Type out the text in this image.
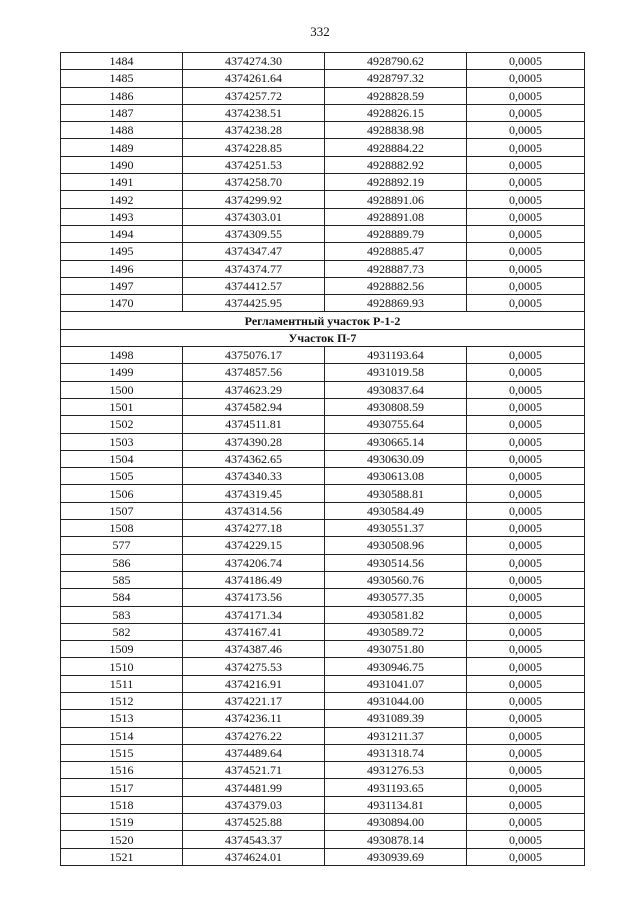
332
1484	4374274.30	4928790.62	0,0005
1485	4374261.64	4928797.32	0,0005
1486	4374257.72	4928828.59	0,0005
1487	4374238.51	4928826.15	0,0005
1488	4374238.28	4928838.98	0,0005
1489	4374228.85	4928884.22	0,0005
1490	4374251.53	4928882.92	0,0005
1491	4374258.70	4928892.19	0,0005
1492	4374299.92	4928891.06	0,0005
1493	4374303.01	4928891.08	0,0005
1494	4374309.55	4928889.79	0,0005
1495	4374347.47	4928885.47	0,0005
1496	4374374.77	4928887.73	0,0005
1497	4374412.57	4928882.56	0,0005
1470	4374425.95	4928869.93	0,0005
Регламентный участок Р-1-2			
Участок П-7			
1498	4375076.17	4931193.64	0,0005
1499	4374857.56	4931019.58	0,0005
1500	4374623.29	4930837.64	0,0005
1501	4374582.94	4930808.59	0,0005
1502	4374511.81	4930755.64	0,0005
1503	4374390.28	4930665.14	0,0005
1504	4374362.65	4930630.09	0,0005
1505	4374340.33	4930613.08	0,0005
1506	4374319.45	4930588.81	0,0005
1507	4374314.56	4930584.49	0,0005
1508	4374277.18	4930551.37	0,0005
577	4374229.15	4930508.96	0,0005
586	4374206.74	4930514.56	0,0005
585	4374186.49	4930560.76	0,0005
584	4374173.56	4930577.35	0,0005
583	4374171.34	4930581.82	0,0005
582	4374167.41	4930589.72	0,0005
1509	4374387.46	4930751.80	0,0005
1510	4374275.53	4930946.75	0,0005
1511	4374216.91	4931041.07	0,0005
1512	4374221.17	4931044.00	0,0005
1513	4374236.11	4931089.39	0,0005
1514	4374276.22	4931211.37	0,0005
1515	4374489.64	4931318.74	0,0005
1516	4374521.71	4931276.53	0,0005
1517	4374481.99	4931193.65	0,0005
1518	4374379.03	4931134.81	0,0005
1519	4374525.88	4930894.00	0,0005
1520	4374543.37	4930878.14	0,0005
1521	4374624.01	4930939.69	0,0005
